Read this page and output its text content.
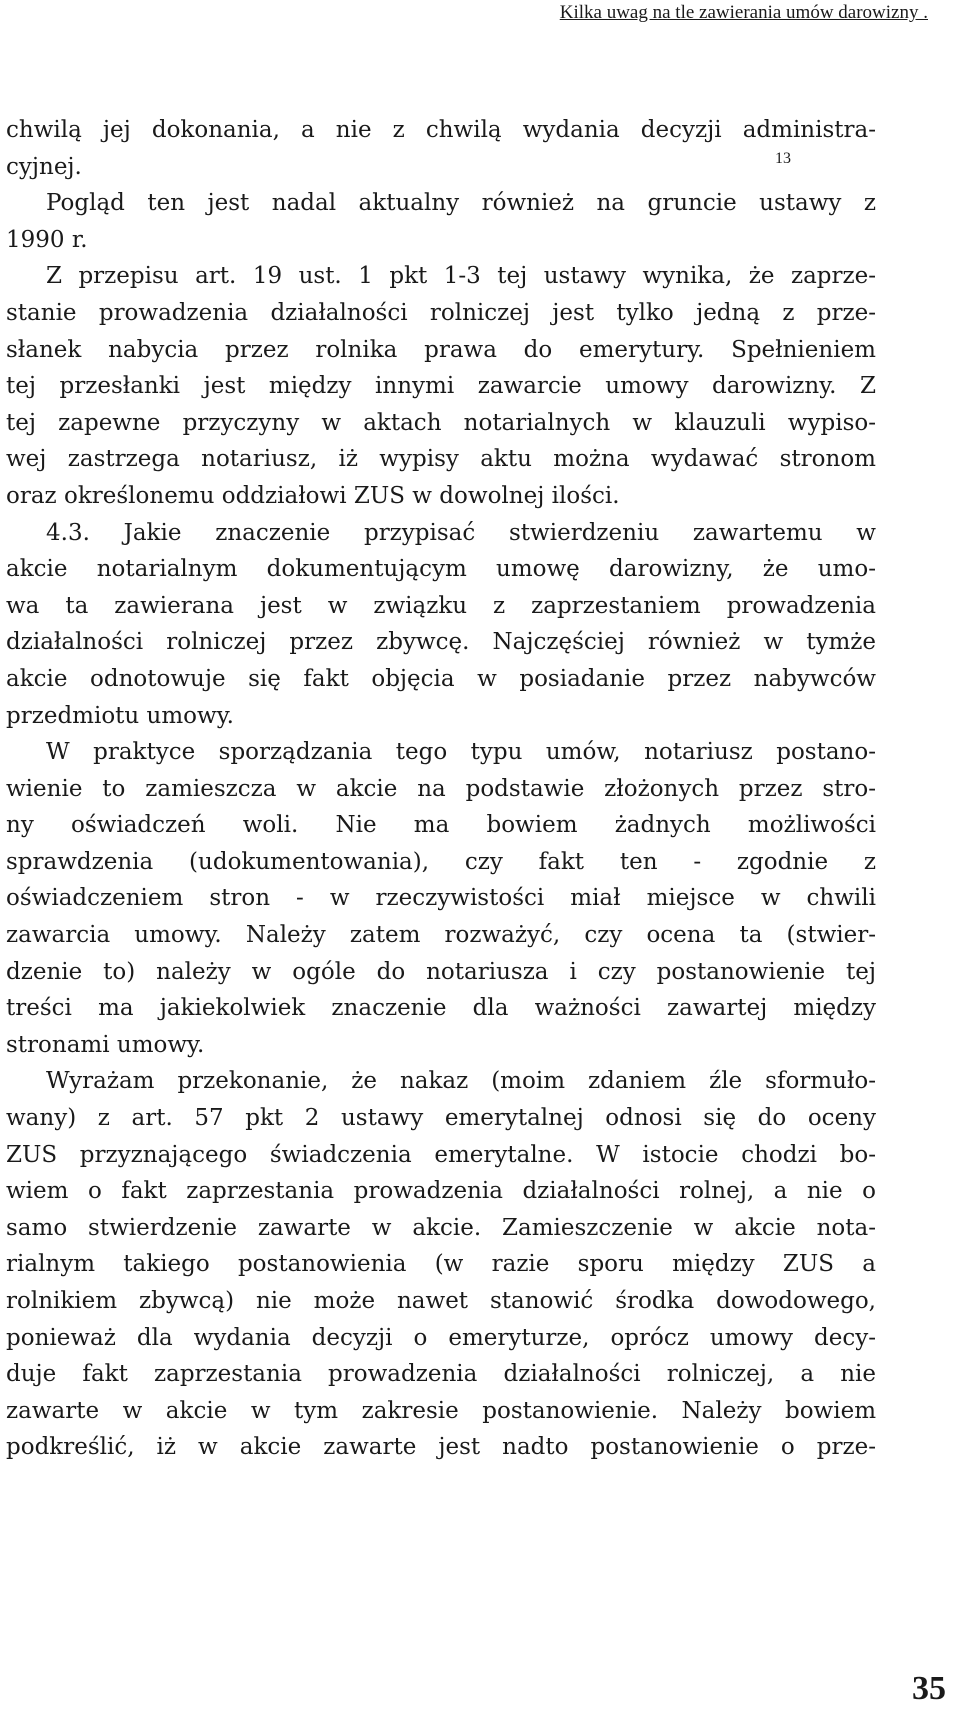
Kilka uwag na tle zawierania umów darowizny .
chwilą jej dokonania, a nie z chwilą wydania decyzji administra-
cyjnej.
Pogląd ten jest nadal aktualny również na gruncie ustawy z
1990 r.
Z przepisu art. 19 ust. 1 pkt 1-3 tej ustawy wynika, że zaprze-
stanie prowadzenia działalności rolniczej jest tylko jedną z prze-
słanek nabycia przez rolnika prawa do emerytury. Spełnieniem
tej przesłanki jest między innymi zawarcie umowy darowizny. Z
tej zapewne przyczyny w aktach notarialnych w klauzuli wypiso-
wej zastrzega notariusz, iż wypisy aktu można wydawać stronom
oraz określonemu oddziałowi ZUS w dowolnej ilości.
4.3. Jakie znaczenie przypisać stwierdzeniu zawartemu w
akcie notarialnym dokumentującym umowę darowizny, że umo-
wa ta zawierana jest w związku z zaprzestaniem prowadzenia
działalności rolniczej przez zbywcę. Najczęściej również w tymże
akcie odnotowuje się fakt objęcia w posiadanie przez nabywców
przedmiotu umowy.
W praktyce sporządzania tego typu umów, notariusz postano-
wienie to zamieszcza w akcie na podstawie złożonych przez stro-
ny oświadczeń woli. Nie ma bowiem żadnych możliwości
sprawdzenia (udokumentowania), czy fakt ten - zgodnie z
oświadczeniem stron - w rzeczywistości miał miejsce w chwili
zawarcia umowy. Należy zatem rozważyć, czy ocena ta (stwier-
dzenie to) należy w ogóle do notariusza i czy postanowienie tej
treści ma jakiekolwiek znaczenie dla ważności zawartej między
stronami umowy.
Wyrażam przekonanie, że nakaz (moim zdaniem źle sformuło-
wany) z art. 57 pkt 2 ustawy emerytalnej odnosi się do oceny
ZUS przyznającego świadczenia emerytalne. W istocie chodzi bo-
wiem o fakt zaprzestania prowadzenia działalności rolnej, a nie o
samo stwierdzenie zawarte w akcie. Zamieszczenie w akcie nota-
rialnym takiego postanowienia (w razie sporu między ZUS a
rolnikiem zbywcą) nie może nawet stanowić środka dowodowego,
ponieważ dla wydania decyzji o emeryturze, oprócz umowy decy-
duje fakt zaprzestania prowadzenia działalności rolniczej, a nie
zawarte w akcie w tym zakresie postanowienie. Należy bowiem
podkreślić, iż w akcie zawarte jest nadto postanowienie o prze-
13
35
